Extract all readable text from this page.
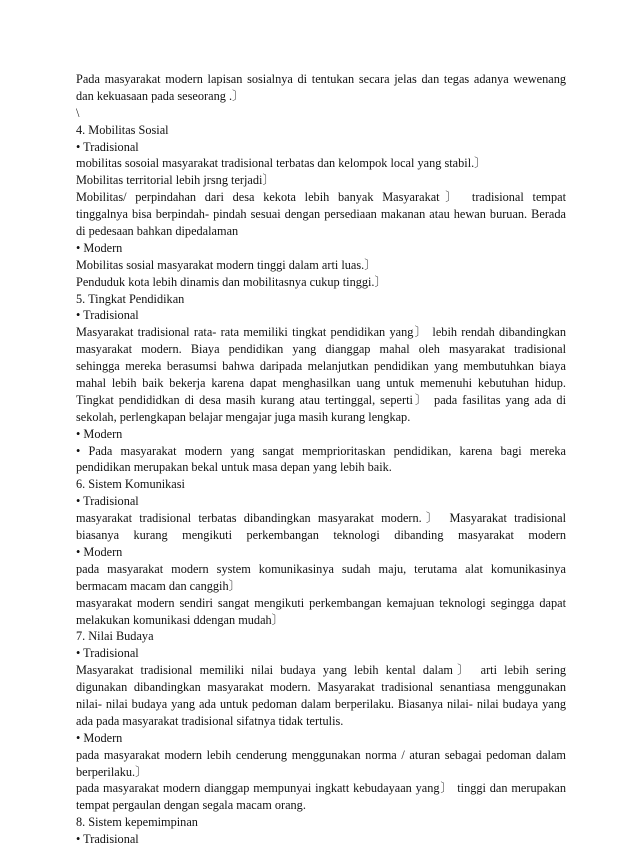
Pada masyarakat modern lapisan sosialnya di tentukan secara jelas dan tegas adanya wewenang
dan kekuasaan pada seseorang .〕
\
4. Mobilitas Sosial
• Tradisional
mobilitas sosoial masyarakat tradisional terbatas dan kelompok local yang stabil.〕
Mobilitas territorial lebih jrsng terjadi〕
Mobilitas/ perpindahan dari desa kekota lebih banyak Masyarakat〕 tradisional tempat
tinggalnya bisa berpindah- pindah sesuai dengan persediaan makanan atau hewan buruan. Berada
di pedesaan bahkan dipedalaman
• Modern
Mobilitas sosial masyarakat modern tinggi dalam arti luas.〕
Penduduk kota lebih dinamis dan mobilitasnya cukup tinggi.〕
5. Tingkat Pendidikan
• Tradisional
Masyarakat tradisional rata- rata memiliki tingkat pendidikan yang〕 lebih rendah dibandingkan
masyarakat modern. Biaya pendidikan yang dianggap mahal oleh masyarakat tradisional
sehingga mereka berasumsi bahwa daripada melanjutkan pendidikan yang membutuhkan biaya
mahal lebih baik bekerja karena dapat menghasilkan uang untuk memenuhi kebutuhan hidup.
Tingkat pendididkan di desa masih kurang atau tertinggal, seperti〕 pada fasilitas yang ada di
sekolah, perlengkapan belajar mengajar juga masih kurang lengkap.
• Modern
• Pada masyarakat modern yang sangat memprioritaskan pendidikan, karena bagi mereka
pendidikan merupakan bekal untuk masa depan yang lebih baik.
6. Sistem Komunikasi
• Tradisional
masyarakat tradisional terbatas dibandingkan masyarakat modern.〕 Masyarakat tradisional
biasanya kurang mengikuti perkembangan teknologi dibanding masyarakat modern
• Modern
pada masyarakat modern system komunikasinya sudah maju, terutama alat komunikasinya
bermacam macam dan canggih〕
masyarakat modern sendiri sangat mengikuti perkembangan kemajuan teknologi segingga dapat
melakukan komunikasi ddengan mudah〕
7. Nilai Budaya
• Tradisional
Masyarakat tradisional memiliki nilai budaya yang lebih kental dalam〕 arti lebih sering
digunakan dibandingkan masyarakat modern. Masyarakat tradisional senantiasa menggunakan
nilai- nilai budaya yang ada untuk pedoman dalam berperilaku. Biasanya nilai- nilai budaya yang
ada pada masyarakat tradisional sifatnya tidak tertulis.
• Modern
pada masyarakat modern lebih cenderung menggunakan norma / aturan sebagai pedoman dalam
berperilaku.〕
pada masyarakat modern dianggap mempunyai ingkatt kebudayaan yang〕 tinggi dan merupakan
tempat pergaulan dengan segala macam orang.
8. Sistem kepemimpinan
• Tradisional
